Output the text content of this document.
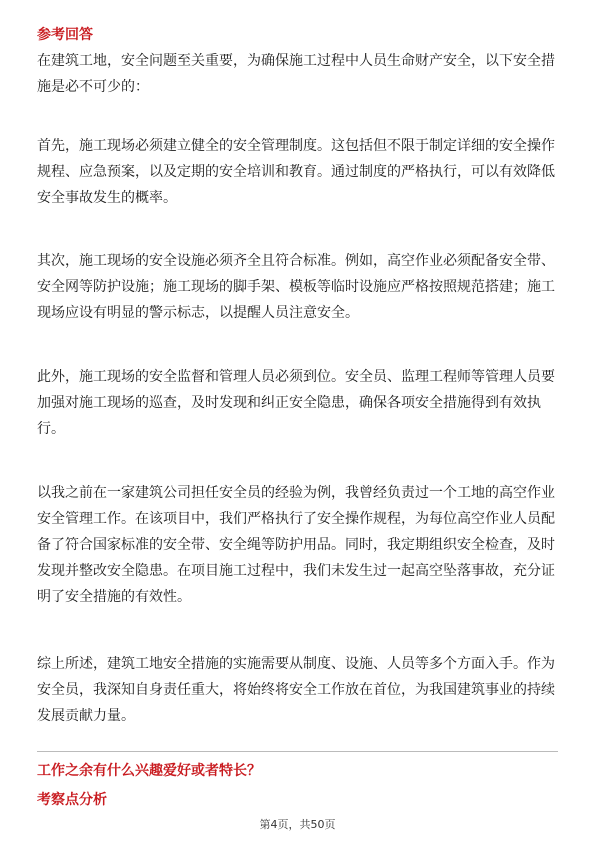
参考回答
在建筑工地，安全问题至关重要，为确保施工过程中人员生命财产安全，以下安全措施是必不可少的：
首先，施工现场必须建立健全的安全管理制度。这包括但不限于制定详细的安全操作规程、应急预案，以及定期的安全培训和教育。通过制度的严格执行，可以有效降低安全事故发生的概率。
其次，施工现场的安全设施必须齐全且符合标准。例如，高空作业必须配备安全带、安全网等防护设施；施工现场的脚手架、模板等临时设施应严格按照规范搭建；施工现场应设有明显的警示标志，以提醒人员注意安全。
此外，施工现场的安全监督和管理人员必须到位。安全员、监理工程师等管理人员要加强对施工现场的巡查，及时发现和纠正安全隐患，确保各项安全措施得到有效执行。
以我之前在一家建筑公司担任安全员的经验为例，我曾经负责过一个工地的高空作业安全管理工作。在该项目中，我们严格执行了安全操作规程，为每位高空作业人员配备了符合国家标准的安全带、安全绳等防护用品。同时，我定期组织安全检查，及时发现并整改安全隐患。在项目施工过程中，我们未发生过一起高空坠落事故，充分证明了安全措施的有效性。
综上所述，建筑工地安全措施的实施需要从制度、设施、人员等多个方面入手。作为安全员，我深知自身责任重大，将始终将安全工作放在首位，为我国建筑事业的持续发展贡献力量。
工作之余有什么兴趣爱好或者特长？
考察点分析
第4页，共50页
